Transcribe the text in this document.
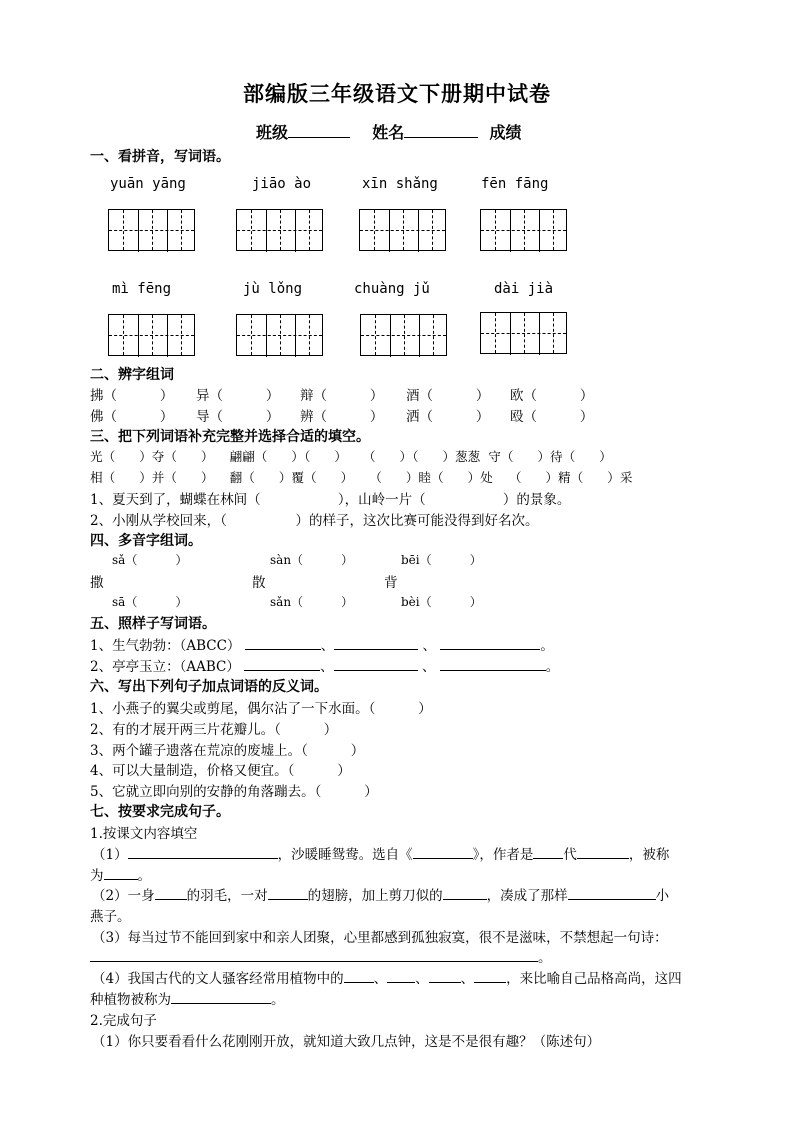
部编版三年级语文下册期中试卷
班级	姓名	成绩
一、看拼音，写词语。
yuān yāng	jiāo ào	xīn shǎng	fēn fāng
mì fēng	jù lǒng	chuàng jǔ	dài jià
二、辨字组词
拂（          ） 异（          ） 辩（          ） 酒（          ） 欧（          ）
佛（          ） 导（          ） 辨（          ） 洒（          ） 殴（          ）
三、把下列词语补充完整并选择合适的填空。
光（      ）夺（      ）    翩翩（      ）（      ）    （      ）（      ）葱葱  守（      ）待（      ）
相（      ）并（      ）    翻（      ）覆（      ）    （      ）睦（      ）处    （      ）精（      ）采
1、夏天到了，蝴蝶在林间（                  ），山岭一片（                  ）的景象。
2、小刚从学校回来，（                ）的样子，这次比赛可能没得到好名次。
四、多音字组词。
sǎ（          ）	sàn（          ）	bēi（          ）
撒	散	背
sā（          ）	sǎn（          ）	bèi（          ）
五、照样子写词语。
1、生气勃勃：（ABCC）	、	、	。
2、亭亭玉立：（AABC）	、	、	。
六、写出下列句子加点词语的反义词。
1、小燕子的翼尖或剪尾，偶尔沾了一下水面。（          ）
2、有的才展开两三片花瓣儿。（          ）
3、两个罐子遗落在荒凉的废墟上。（          ）
4、可以大量制造，价格又便宜。（          ）
5、它就立即向别的安静的角落蹦去。（          ）
七、按要求完成句子。
1.按课文内容填空
（1）	，沙暖睡鸳鸯。选自《	》，作者是 代	，被称
为	。
（2）一身 的羽毛，一对	的翅膀，加上剪刀似的	，凑成了那样	小
燕子。
（3）每当过节不能回到家中和亲人团聚，心里都感到孤独寂寞，很不是滋味，不禁想起一句诗：
。
（4）我国古代的文人骚客经常用植物中的 、 、 、 ，来比喻自己品格高尚，这四
种植物被称为	。
2.完成句子
（1）你只要看看什么花刚刚开放，就知道大致几点钟，这是不是很有趣？（陈述句）
